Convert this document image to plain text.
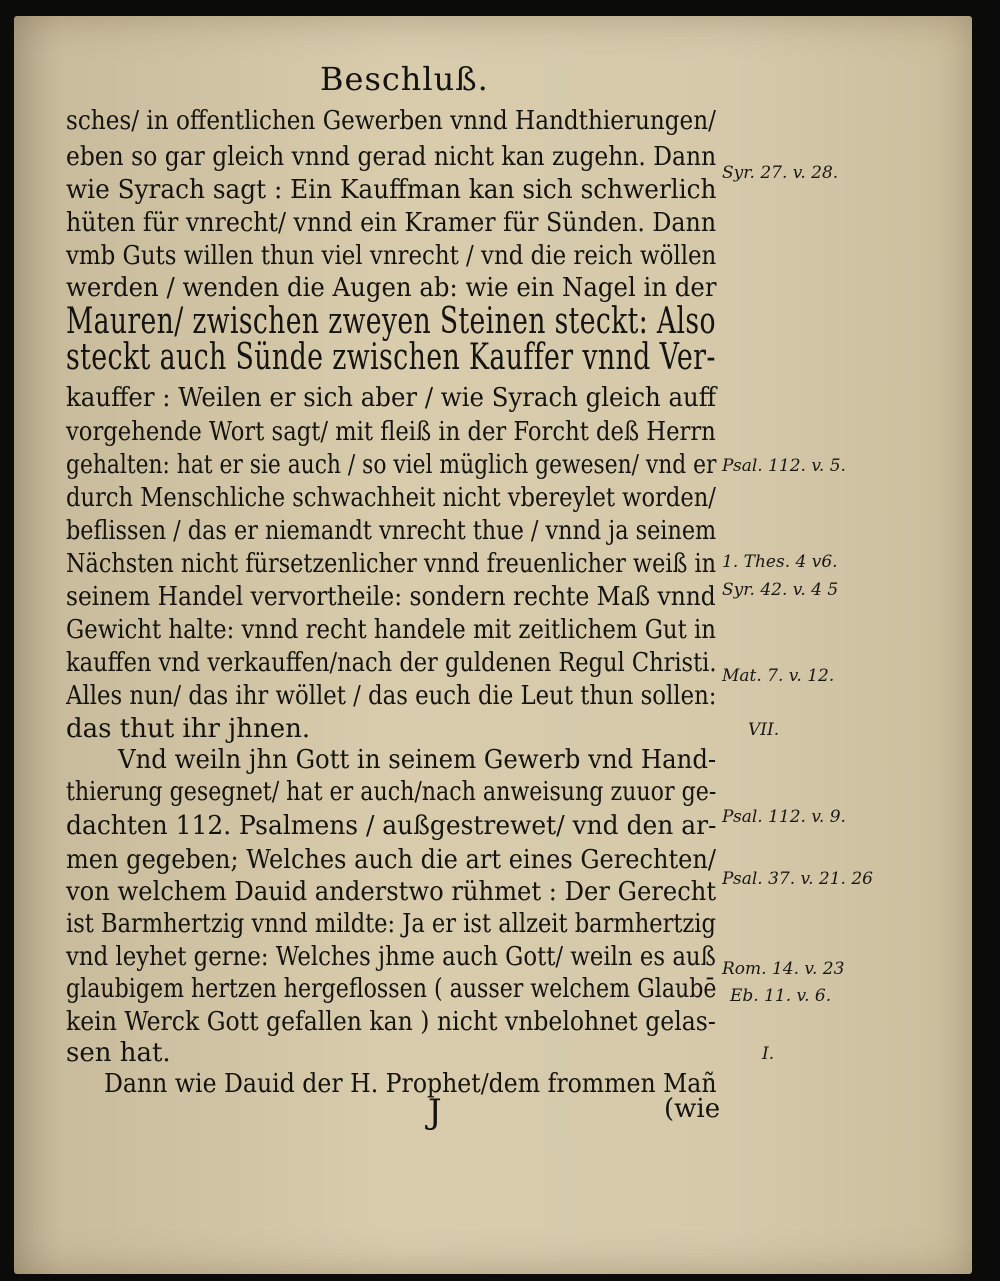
Beschluß.
sches/ in offentlichen Gewerben vnnd Handthierungen/
eben so gar gleich vnnd gerad nicht kan zugehn. Dann
wie Syrach sagt : Ein Kauffman kan sich schwerlich
hüten für vnrecht/ vnnd ein Kramer für Sünden. Dann
vmb Guts willen thun viel vnrecht / vnd die reich wöllen
werden / wenden die Augen ab: wie ein Nagel in der
Mauren/ zwischen zweyen Steinen steckt: Also
steckt auch Sünde zwischen Kauffer vnnd Ver-
kauffer : Weilen er sich aber / wie Syrach gleich auff
vorgehende Wort sagt/ mit fleiß in der Forcht deß Herrn
gehalten: hat er sie auch / so viel müglich gewesen/ vnd er
durch Menschliche schwachheit nicht vbereylet worden/
beflissen / das er niemandt vnrecht thue / vnnd ja seinem
Nächsten nicht fürsetzenlicher vnnd freuenlicher weiß in
seinem Handel vervortheile: sondern rechte Maß vnnd
Gewicht halte: vnnd recht handele mit zeitlichem Gut in
kauffen vnd verkauffen/nach der guldenen Regul Christi.
Alles nun/ das ihr wöllet / das euch die Leut thun sollen:
das thut ihr jhnen.
Vnd weiln jhn Gott in seinem Gewerb vnd Hand-
thierung gesegnet/ hat er auch/nach anweisung zuuor ge-
dachten 112. Psalmens / außgestrewet/ vnd den ar-
men gegeben; Welches auch die art eines Gerechten/
von welchem Dauid anderstwo rühmet : Der Gerecht
ist Barmhertzig vnnd mildte: Ja er ist allzeit barmhertzig
vnd leyhet gerne: Welches jhme auch Gott/ weiln es auß
glaubigem hertzen hergeflossen ( ausser welchem Glaubē
kein Werck Gott gefallen kan ) nicht vnbelohnet gelas-
sen hat.
Dann wie Dauid der H. Prophet/dem frommen Mañ
Syr. 27. v. 28.
Psal. 112. v. 5.
1. Thes. 4 v6.
Syr. 42. v. 4 5
Mat. 7. v. 12.
VII.
Psal. 112. v. 9.
Psal. 37. v. 21. 26
Rom. 14. v. 23
Eb. 11. v. 6.
I.
J	(wie
